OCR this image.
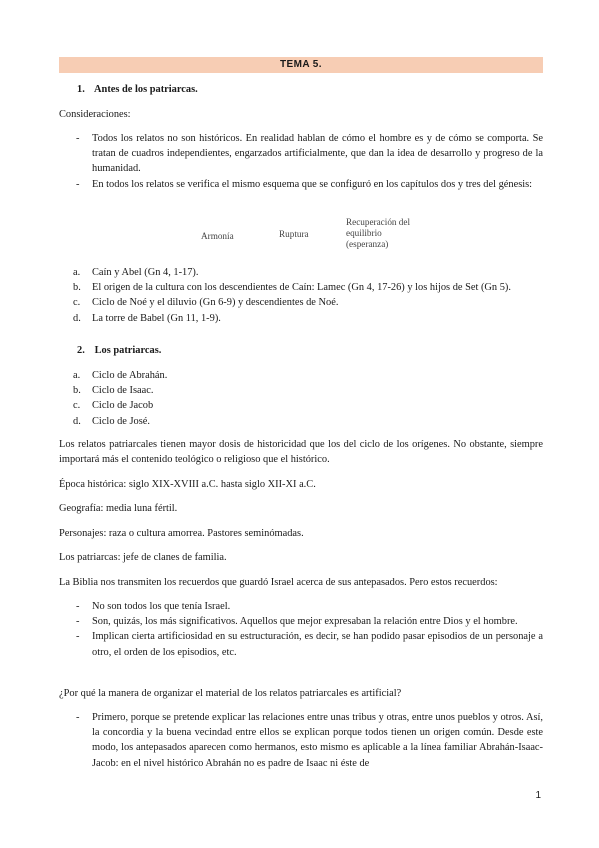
TEMA 5.
1. Antes de los patriarcas.
Consideraciones:
- Todos los relatos no son históricos. En realidad hablan de cómo el hombre es y de cómo se comporta. Se tratan de cuadros independientes, engarzados artificialmente, que dan la idea de desarrollo y progreso de la humanidad.
- En todos los relatos se verifica el mismo esquema que se configuró en los capítulos dos y tres del génesis:
Armonía	Ruptura
Recuperación del
equilibrio
(esperanza)
a. Caín y Abel (Gn 4, 1-17).
b. El origen de la cultura con los descendientes de Caín: Lamec (Gn 4, 17-26) y los hijos de Set (Gn 5).
c. Ciclo de Noé y el diluvio (Gn 6-9) y descendientes de Noé.
d. La torre de Babel (Gn 11, 1-9).
2. Los patriarcas.
a. Ciclo de Abrahán.
b. Ciclo de Isaac.
c. Ciclo de Jacob
d. Ciclo de José.
Los relatos patriarcales tienen mayor dosis de historicidad que los del ciclo de los orígenes. No obstante, siempre importará más el contenido teológico o religioso que el histórico.
Época histórica: siglo XIX-XVIII a.C. hasta siglo XII-XI a.C.
Geografía: media luna fértil.
Personajes: raza o cultura amorrea. Pastores seminómadas.
Los patriarcas: jefe de clanes de familia.
La Biblia nos transmiten los recuerdos que guardó Israel acerca de sus antepasados. Pero estos recuerdos:
- No son todos los que tenía Israel.
- Son, quizás, los más significativos. Aquellos que mejor expresaban la relación entre Dios y el hombre.
- Implican cierta artificiosidad en su estructuración, es decir, se han podido pasar episodios de un personaje a otro, el orden de los episodios, etc.
¿Por qué la manera de organizar el material de los relatos patriarcales es artificial?
- Primero, porque se pretende explicar las relaciones entre unas tribus y otras, entre unos pueblos y otros. Así, la concordia y la buena vecindad entre ellos se explican porque todos tienen un origen común. Desde este modo, los antepasados aparecen como hermanos, esto mismo es aplicable a la línea familiar Abrahán-Isaac-Jacob: en el nivel histórico Abrahán no es padre de Isaac ni éste de
1
